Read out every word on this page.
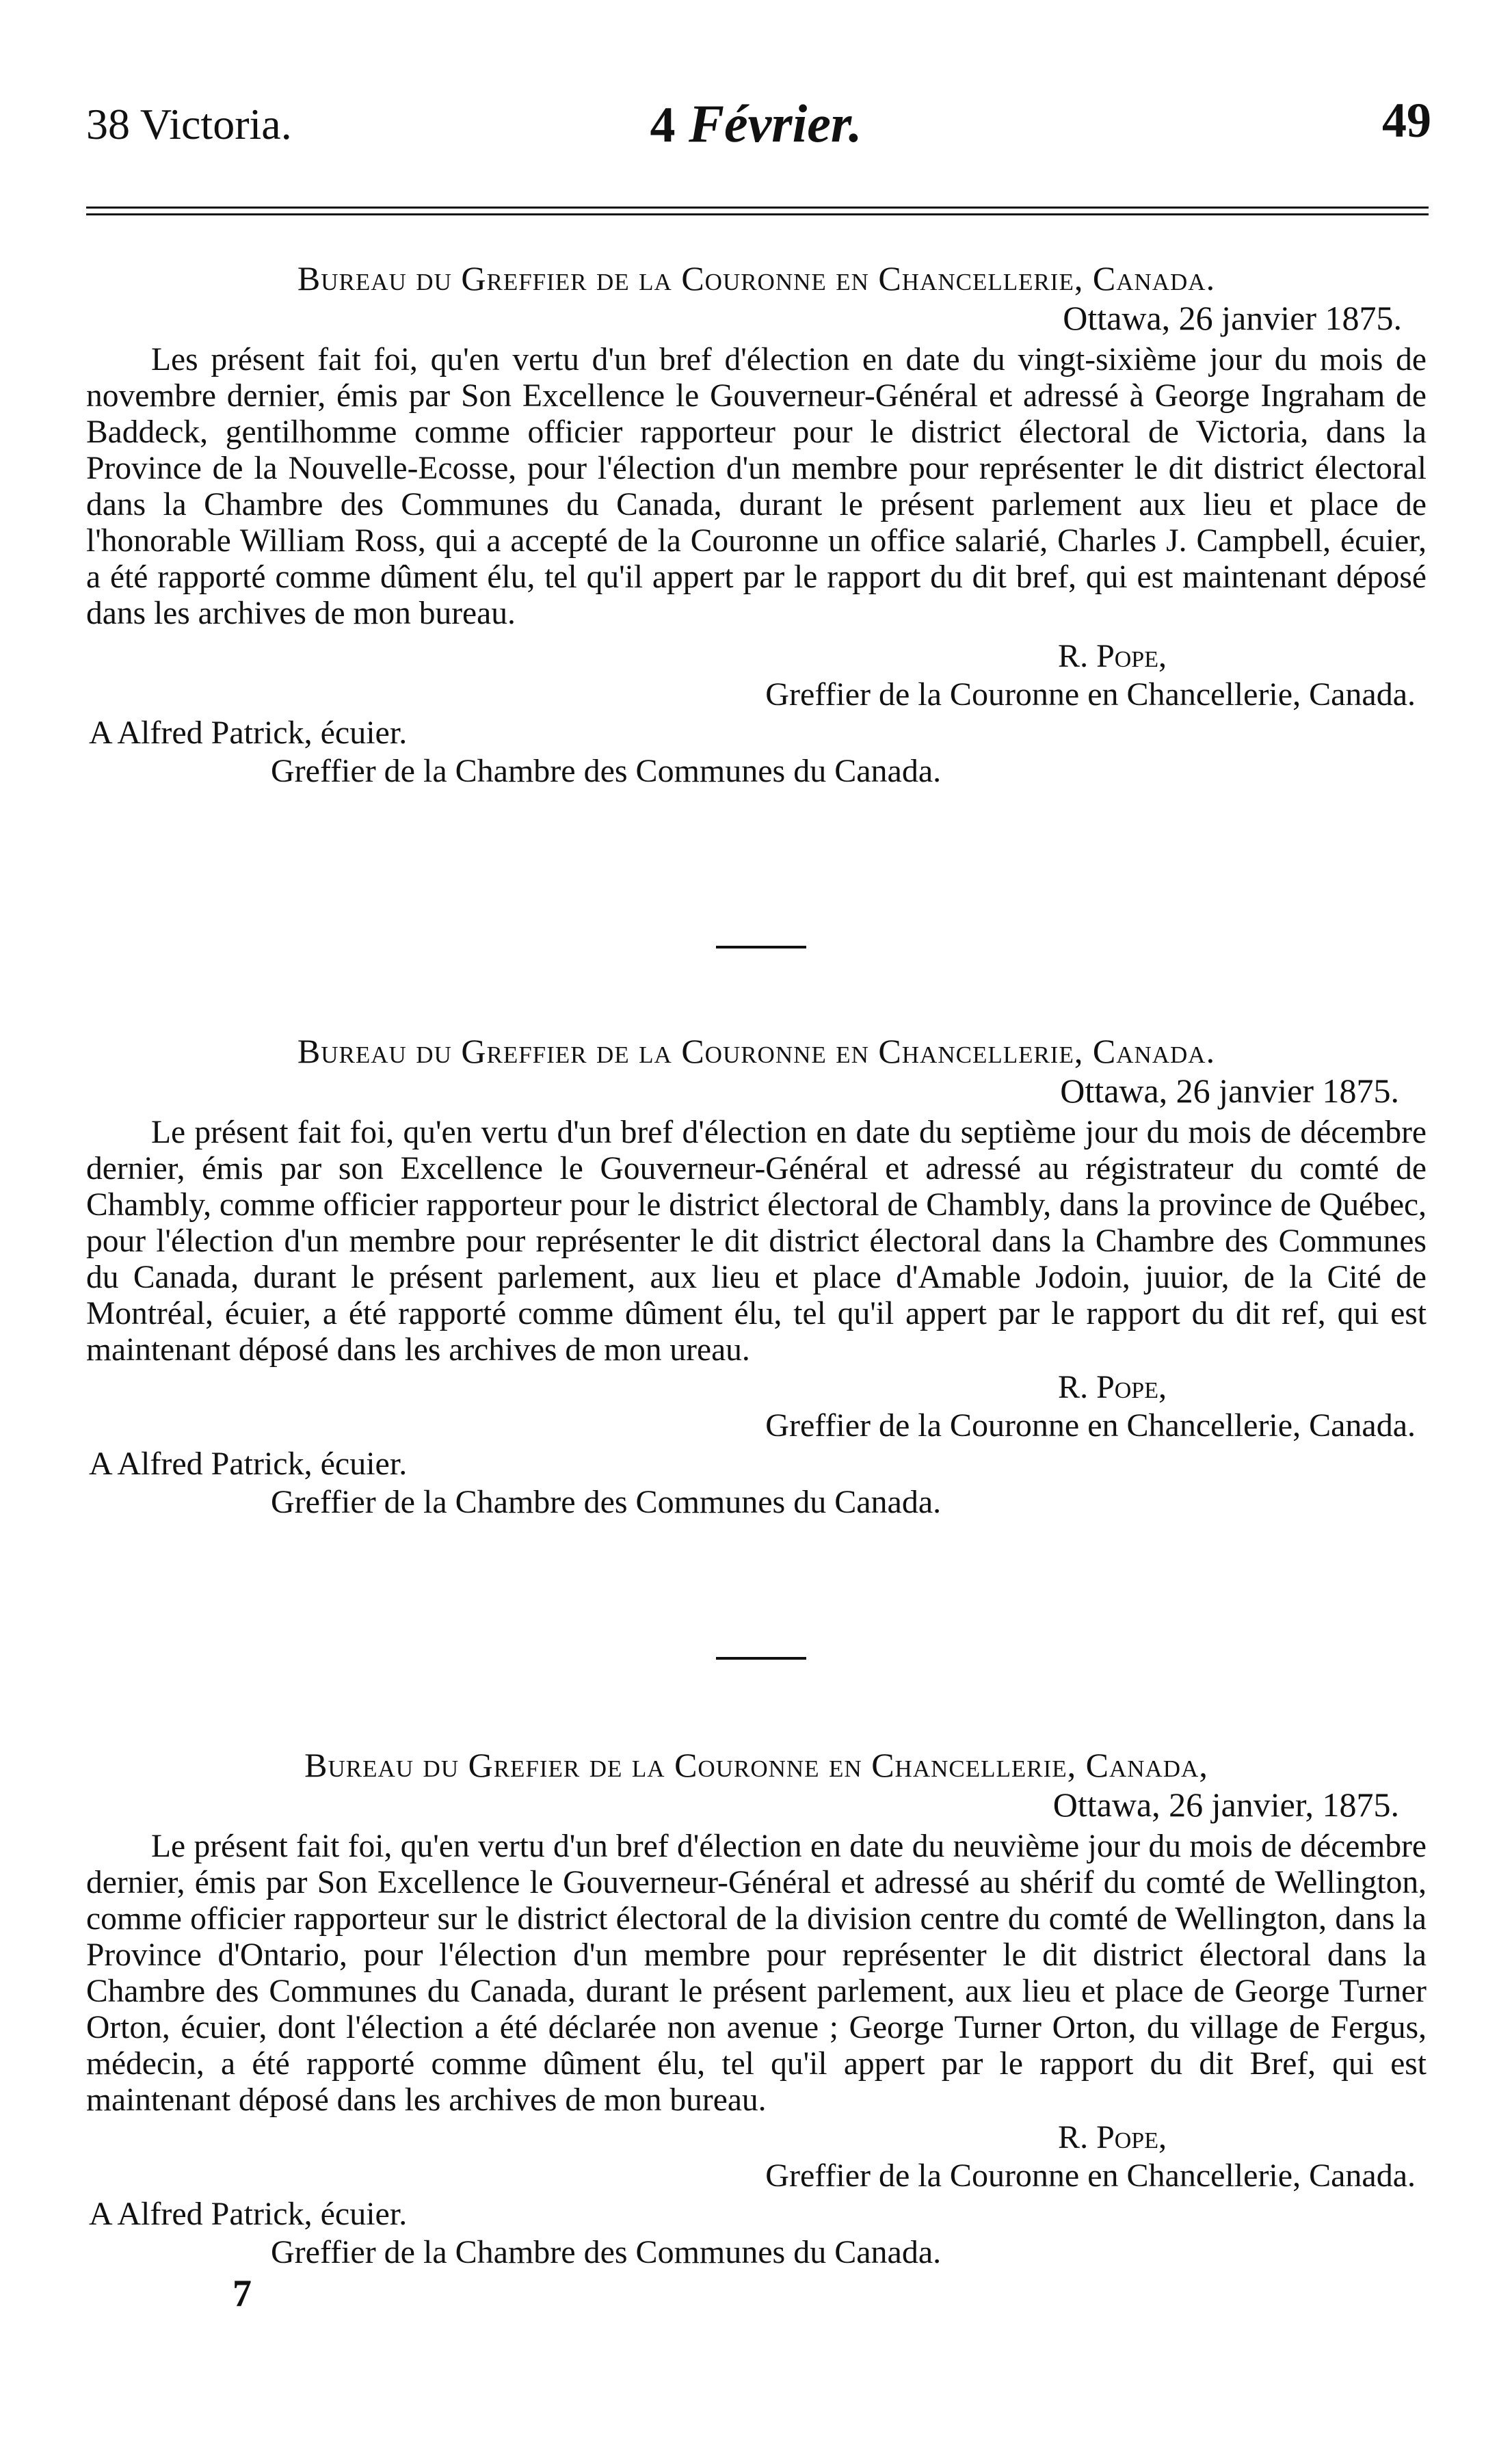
38 Victoria.	4 Février.	49
Bureau du Greffier de la Couronne en Chancellerie, Canada.
Ottawa, 26 janvier 1875.

Les présent fait foi, qu'en vertu d'un bref d'élection en date du vingt-sixième jour du mois de novembre dernier, émis par Son Excellence le Gouverneur-Général et adressé à George Ingraham de Baddeck, gentilhomme comme officier rapporteur pour le district électoral de Victoria, dans la Province de la Nouvelle-Ecosse, pour l'élection d'un membre pour représenter le dit district électoral dans la Chambre des Communes du Canada, durant le présent parlement aux lieu et place de l'honorable William Ross, qui a accepté de la Couronne un office salarié, Charles J. Campbell, écuier, a été rapporté comme dûment élu, tel qu'il appert par le rapport du dit bref, qui est maintenant déposé dans les archives de mon bureau.

R. Pope,
Greffier de la Couronne en Chancellerie, Canada.
A Alfred Patrick, écuier.
Greffier de la Chambre des Communes du Canada.
Bureau du Greffier de la Couronne en Chancellerie, Canada.
Ottawa, 26 janvier 1875.

Le présent fait foi, qu'en vertu d'un bref d'élection en date du septième jour du mois de décembre dernier, émis par son Excellence le Gouverneur-Général et adressé au régistrateur du comté de Chambly, comme officier rapporteur pour le district électoral de Chambly, dans la province de Québec, pour l'élection d'un membre pour représenter le dit district électoral dans la Chambre des Communes du Canada, durant le présent parlement, aux lieu et place d'Amable Jodoin, juuior, de la Cité de Montréal, écuier, a été rapporté comme dûment élu, tel qu'il appert par le rapport du dit ref, qui est maintenant déposé dans les archives de mon ureau.

R. Pope,
Greffier de la Couronne en Chancellerie, Canada.
A Alfred Patrick, écuier.
Greffier de la Chambre des Communes du Canada.
Bureau du Grefier de la Couronne en Chancellerie, Canada,
Ottawa, 26 janvier, 1875.

Le présent fait foi, qu'en vertu d'un bref d'élection en date du neuvième jour du mois de décembre dernier, émis par Son Excellence le Gouverneur-Général et adressé au shérif du comté de Wellington, comme officier rapporteur sur le district électoral de la division centre du comté de Wellington, dans la Province d'Ontario, pour l'élection d'un membre pour représenter le dit district électoral dans la Chambre des Communes du Canada, durant le présent parlement, aux lieu et place de George Turner Orton, écuier, dont l'élection a été déclarée non avenue ; George Turner Orton, du village de Fergus, médecin, a été rapporté comme dûment élu, tel qu'il appert par le rapport du dit Bref, qui est maintenant déposé dans les archives de mon bureau.

R. Pope,
Greffier de la Couronne en Chancellerie, Canada.
A Alfred Patrick, écuier.
Greffier de la Chambre des Communes du Canada.
7
